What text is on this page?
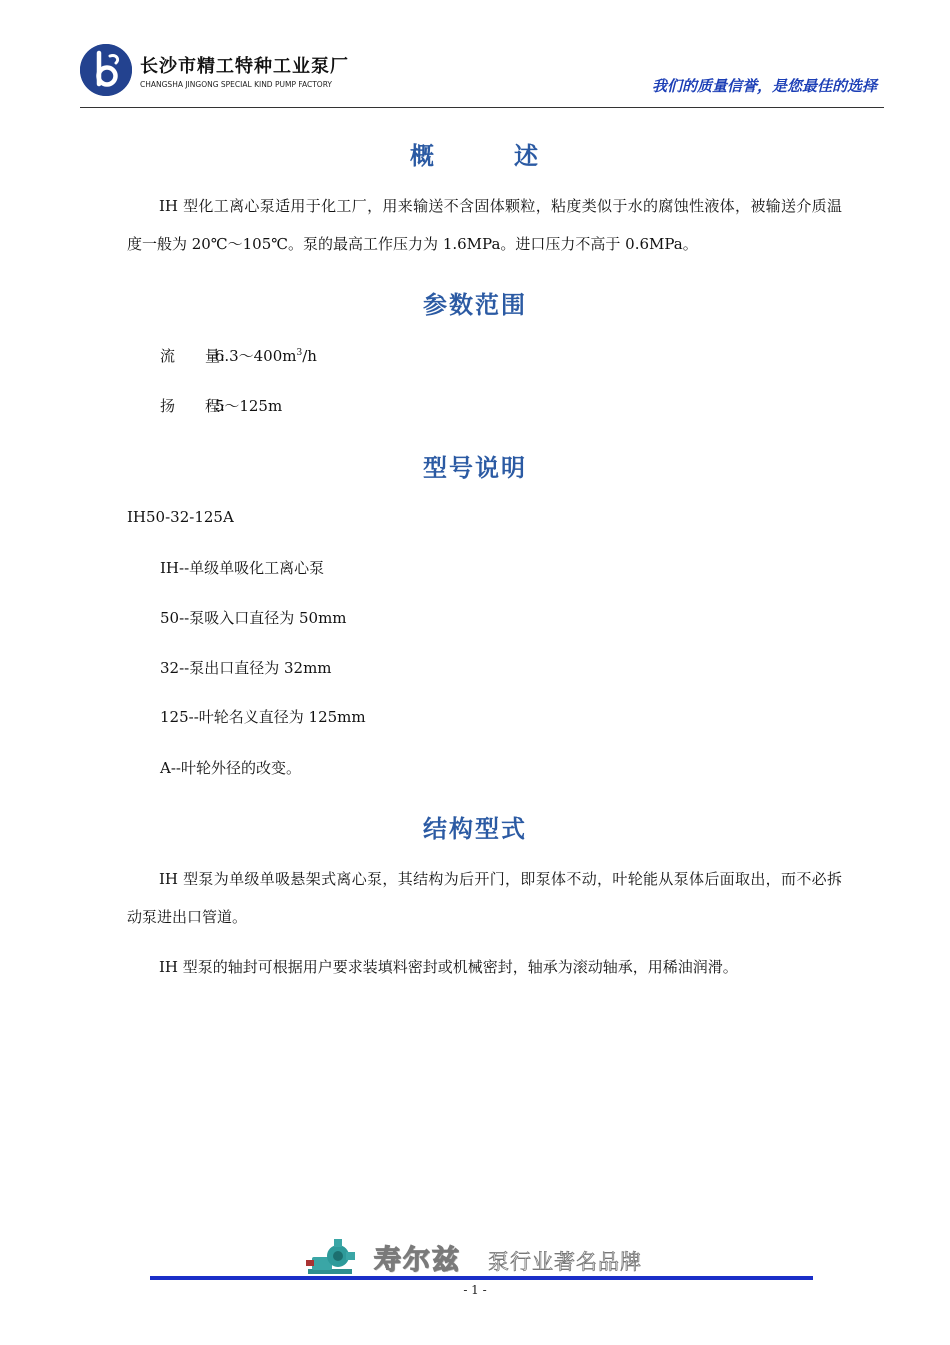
长沙市精工特种工业泵厂
CHANGSHA JINGONG SPECIAL KIND PUMP FACTORY	我们的质量信誉，是您最佳的选择
概　　　述
IH 型化工离心泵适用于化工厂，用来输送不含固体颗粒，粘度类似于水的腐蚀性液体，被输送介质温度一般为 20℃～105℃。泵的最高工作压力为 1.6MPa。进口压力不高于 0.6MPa。
参数范围
流　　量: $6.3\sim 400m^3/h$
扬　　程: 5～125m
型号说明
IH50-32-125A
IH--单级单吸化工离心泵
50--泵吸入口直径为 50mm
32--泵出口直径为 32mm
125--叶轮名义直径为 125mm
A--叶轮外径的改变。
结构型式
IH 型泵为单级单吸悬架式离心泵，其结构为后开门，即泵体不动，叶轮能从泵体后面取出，而不必拆动泵进出口管道。
IH 型泵的轴封可根据用户要求装填料密封或机械密封，轴承为滚动轴承，用稀油润滑。
寿尔兹 泵行业著名品牌
- 1 -
